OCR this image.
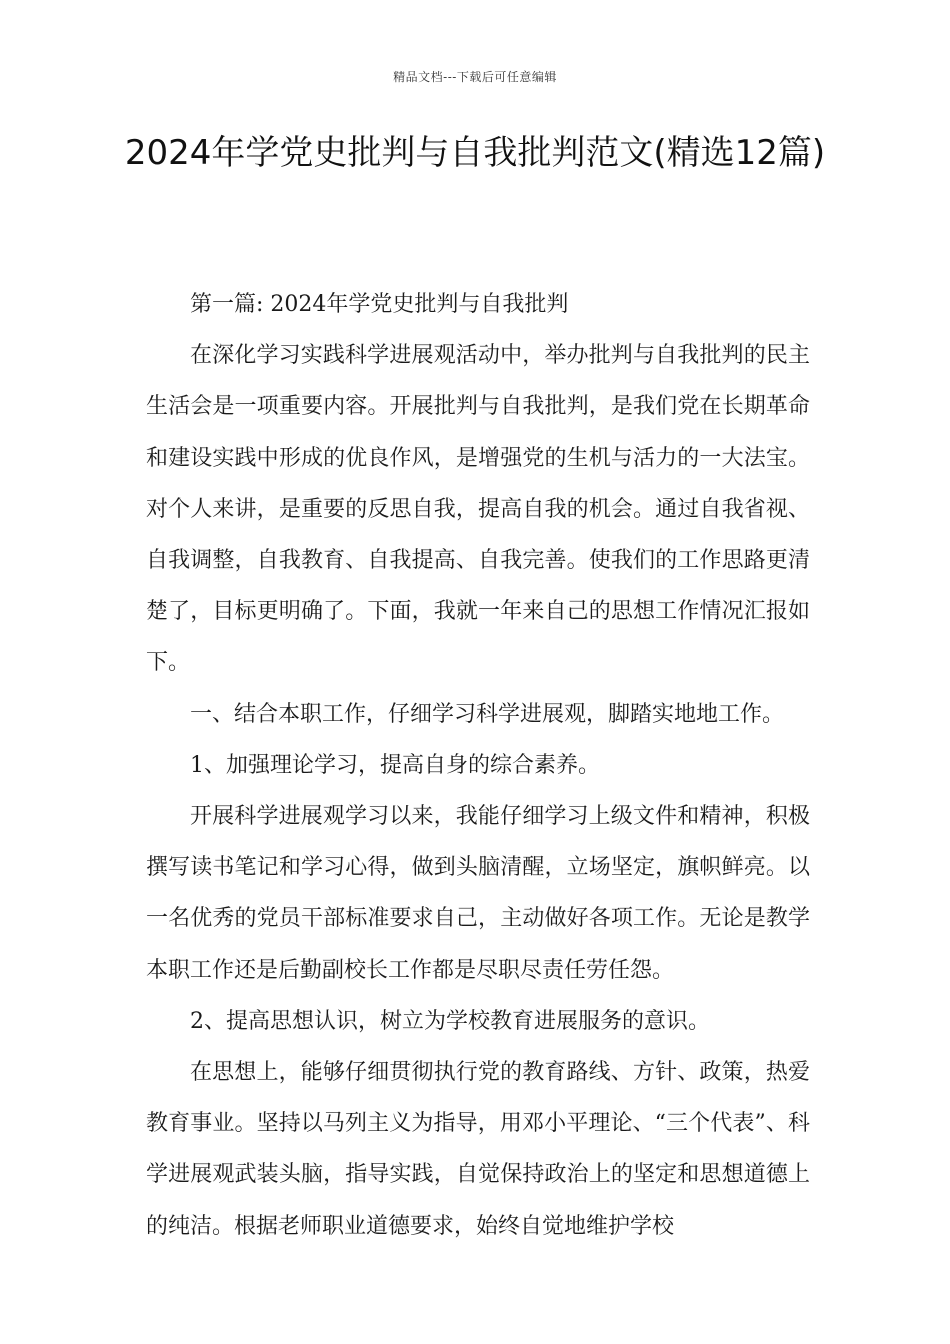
精品文档---下载后可任意编辑
2024年学党史批判与自我批判范文(精选12篇)

第一篇: 2024年学党史批判与自我批判

在深化学习实践科学进展观活动中，举办批判与自我批判的民主生活会是一项重要内容。开展批判与自我批判，是我们党在长期革命和建设实践中形成的优良作风，是增强党的生机与活力的一大法宝。对个人来讲，是重要的反思自我，提高自我的机会。通过自我省视、自我调整，自我教育、自我提高、自我完善。使我们的工作思路更清楚了，目标更明确了。下面，我就一年来自己的思想工作情况汇报如下。

一、结合本职工作，仔细学习科学进展观，脚踏实地地工作。

1、加强理论学习，提高自身的综合素养。

开展科学进展观学习以来，我能仔细学习上级文件和精神，积极撰写读书笔记和学习心得，做到头脑清醒，立场坚定，旗帜鲜亮。以一名优秀的党员干部标准要求自己，主动做好各项工作。无论是教学本职工作还是后勤副校长工作都是尽职尽责任劳任怨。

2、提高思想认识，树立为学校教育进展服务的意识。

在思想上，能够仔细贯彻执行党的教育路线、方针、政策，热爱教育事业。坚持以马列主义为指导，用邓小平理论、“三个代表”、科学进展观武装头脑，指导实践，自觉保持政治上的坚定和思想道德上的纯洁。根据老师职业道德要求，始终自觉地维护学校
